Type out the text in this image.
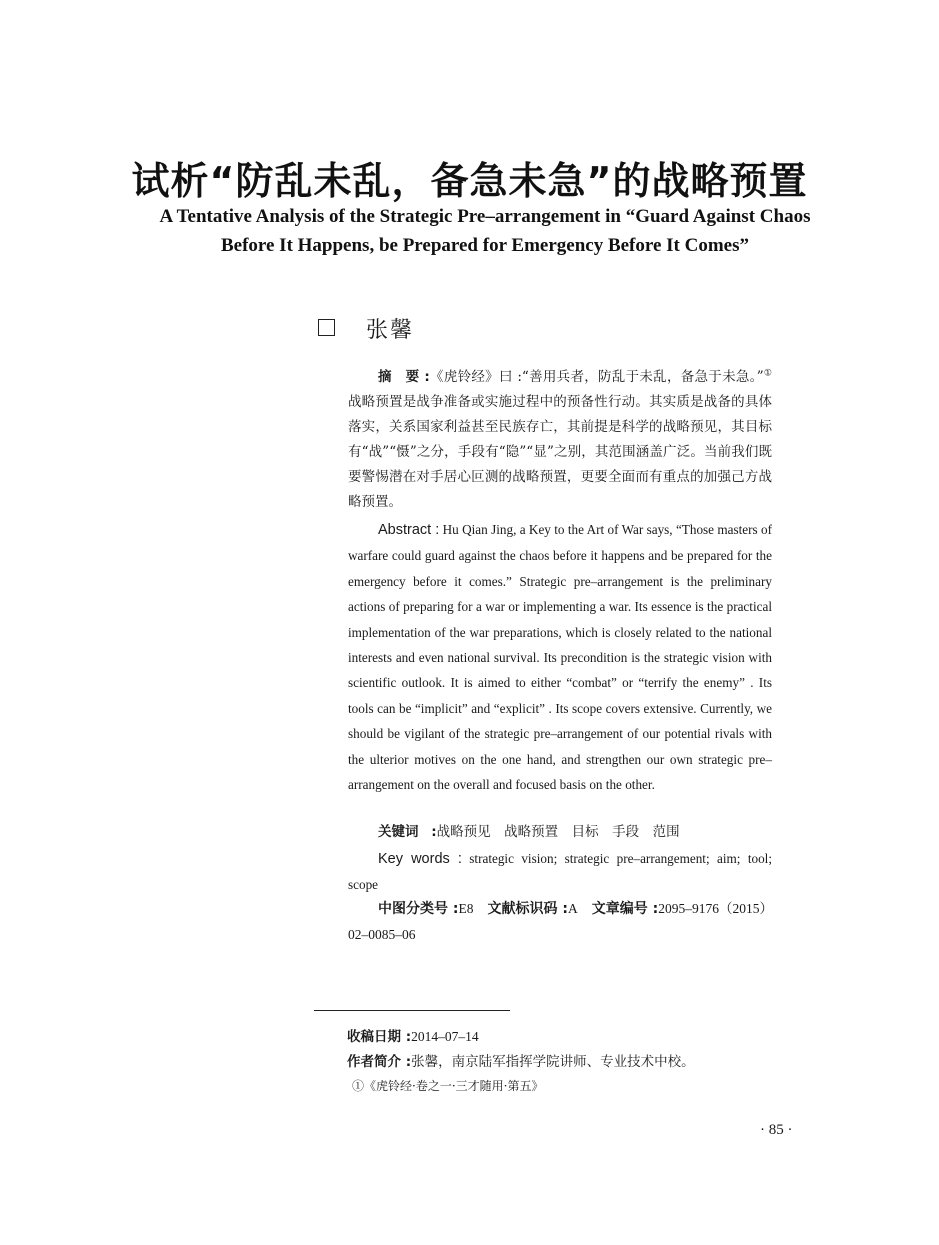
试析“防乱未乱，备急未急”的战略预置
A Tentative Analysis of the Strategic Pre–arrangement in “Guard Against Chaos Before It Happens, be Prepared for Emergency Before It Comes”
张馨
摘　要 :《虎铃经》曰 :“善用兵者，防乱于未乱，备急于未急。”①战略预置是战争准备或实施过程中的预备性行动。其实质是战备的具体落实，关系国家利益甚至民族存亡，其前提是科学的战略预见，其目标有“战”“慑”之分，手段有“隐”“显”之别，其范围涵盖广泛。当前我们既要警惕潜在对手居心叵测的战略预置，更要全面而有重点的加强己方战略预置。
Abstract : Hu Qian Jing, a Key to the Art of War says, “Those masters of warfare could guard against the chaos before it happens and be prepared for the emergency before it comes.” Strategic pre–arrangement is the preliminary actions of preparing for a war or implementing a war. Its essence is the practical implementation of the war preparations, which is closely related to the national interests and even national survival. Its precondition is the strategic vision with scientific outlook. It is aimed to either “combat” or “terrify the enemy” . Its tools can be “implicit” and “explicit” . Its scope covers extensive. Currently, we should be vigilant of the strategic pre–arrangement of our potential rivals with the ulterior motives on the one hand, and strengthen our own strategic pre–arrangement on the overall and focused basis on the other.
关键词 :战略预见　战略预置　目标　手段　范围
Key words : strategic vision; strategic pre–arrangement; aim; tool; scope
中图分类号 :E8 文献标识码 :A 文章编号 :2095–9176（2015）02–0085–06
收稿日期 :2014–07–14
作者简介 :张馨，南京陆军指挥学院讲师、专业技术中校。
①《虎铃经·卷之一·三才随用·第五》
· 85 ·
